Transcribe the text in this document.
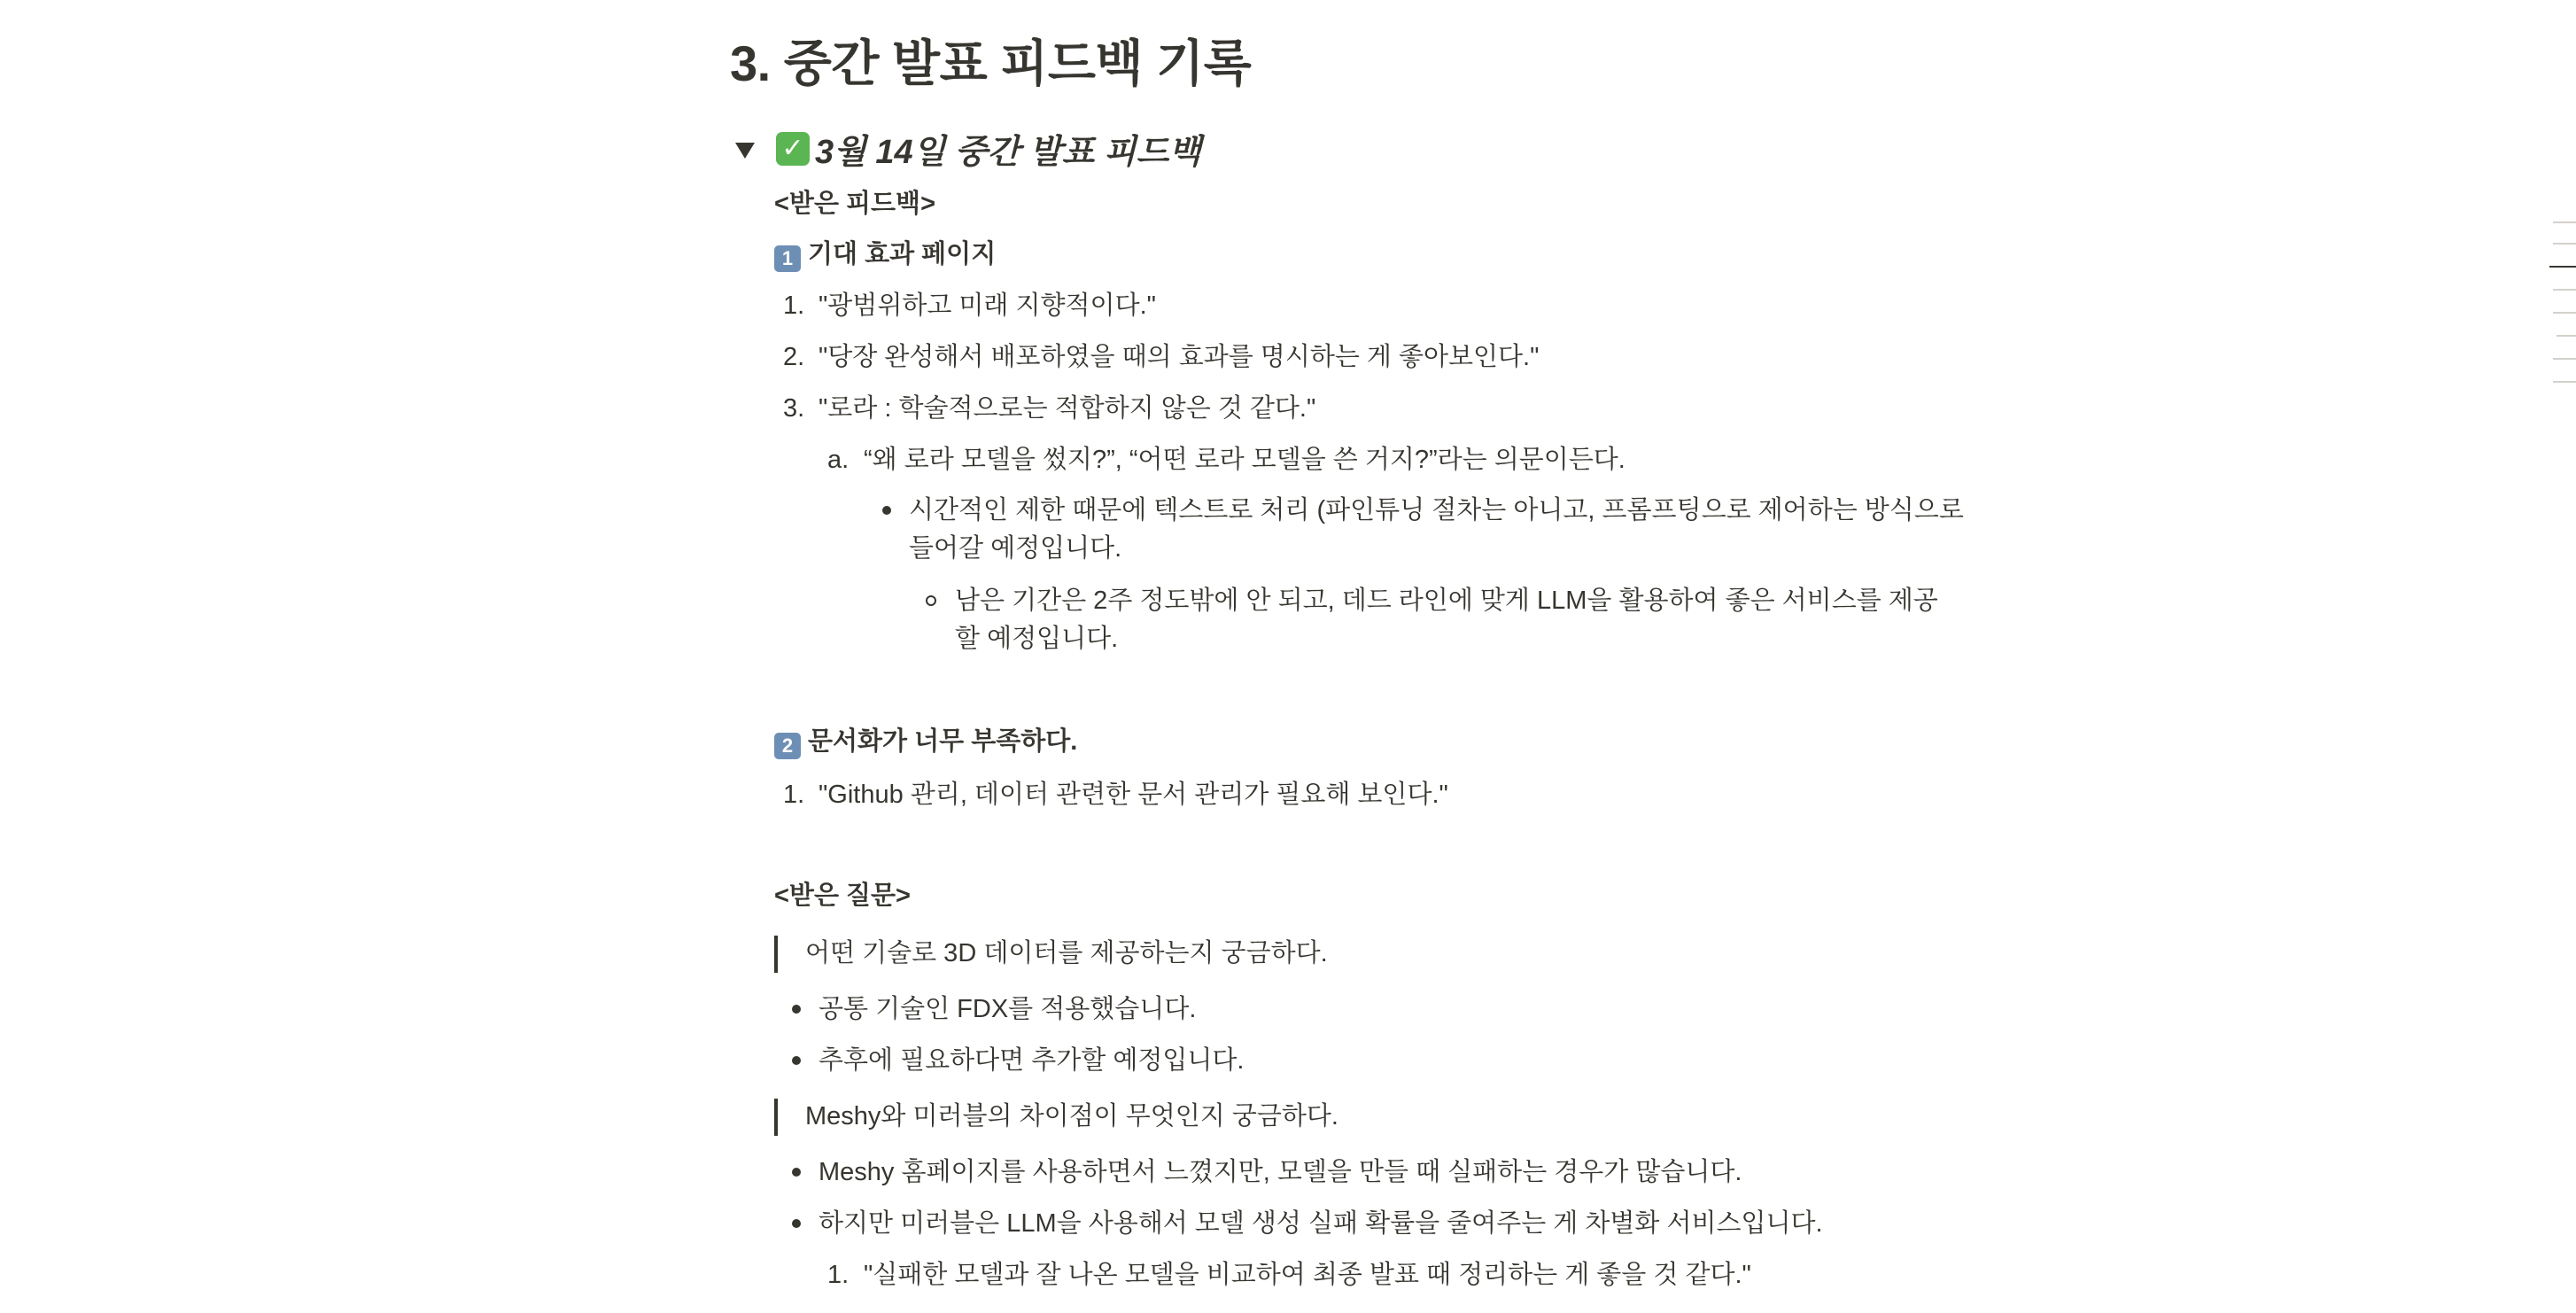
3. 중간 발표 피드백 기록
✓ 3월 14일 중간 발표 피드백
<받은 피드백>
1 기대 효과 페이지
1. "광범위하고 미래 지향적이다."
2. "당장 완성해서 배포하였을 때의 효과를 명시하는 게 좋아보인다."
3. "로라 : 학술적으로는 적합하지 않은 것 같다."
a. “왜 로라 모델을 썼지?”, “어떤 로라 모델을 쓴 거지?”라는 의문이든다.
시간적인 제한 때문에 텍스트로 처리 (파인튜닝 절차는 아니고, 프롬프팅으로 제어하는 방식으로
들어갈 예정입니다.
남은 기간은 2주 정도밖에 안 되고, 데드 라인에 맞게 LLM을 활용하여 좋은 서비스를 제공
할 예정입니다.
2 문서화가 너무 부족하다.
1. "Github 관리, 데이터 관련한 문서 관리가 필요해 보인다."
<받은 질문>
어떤 기술로 3D 데이터를 제공하는지 궁금하다.
공통 기술인 FDX를 적용했습니다.
추후에 필요하다면 추가할 예정입니다.
Meshy와 미러블의 차이점이 무엇인지 궁금하다.
Meshy 홈페이지를 사용하면서 느꼈지만, 모델을 만들 때 실패하는 경우가 많습니다.
하지만 미러블은 LLM을 사용해서 모델 생성 실패 확률을 줄여주는 게 차별화 서비스입니다.
1. "실패한 모델과 잘 나온 모델을 비교하여 최종 발표 때 정리하는 게 좋을 것 같다."
